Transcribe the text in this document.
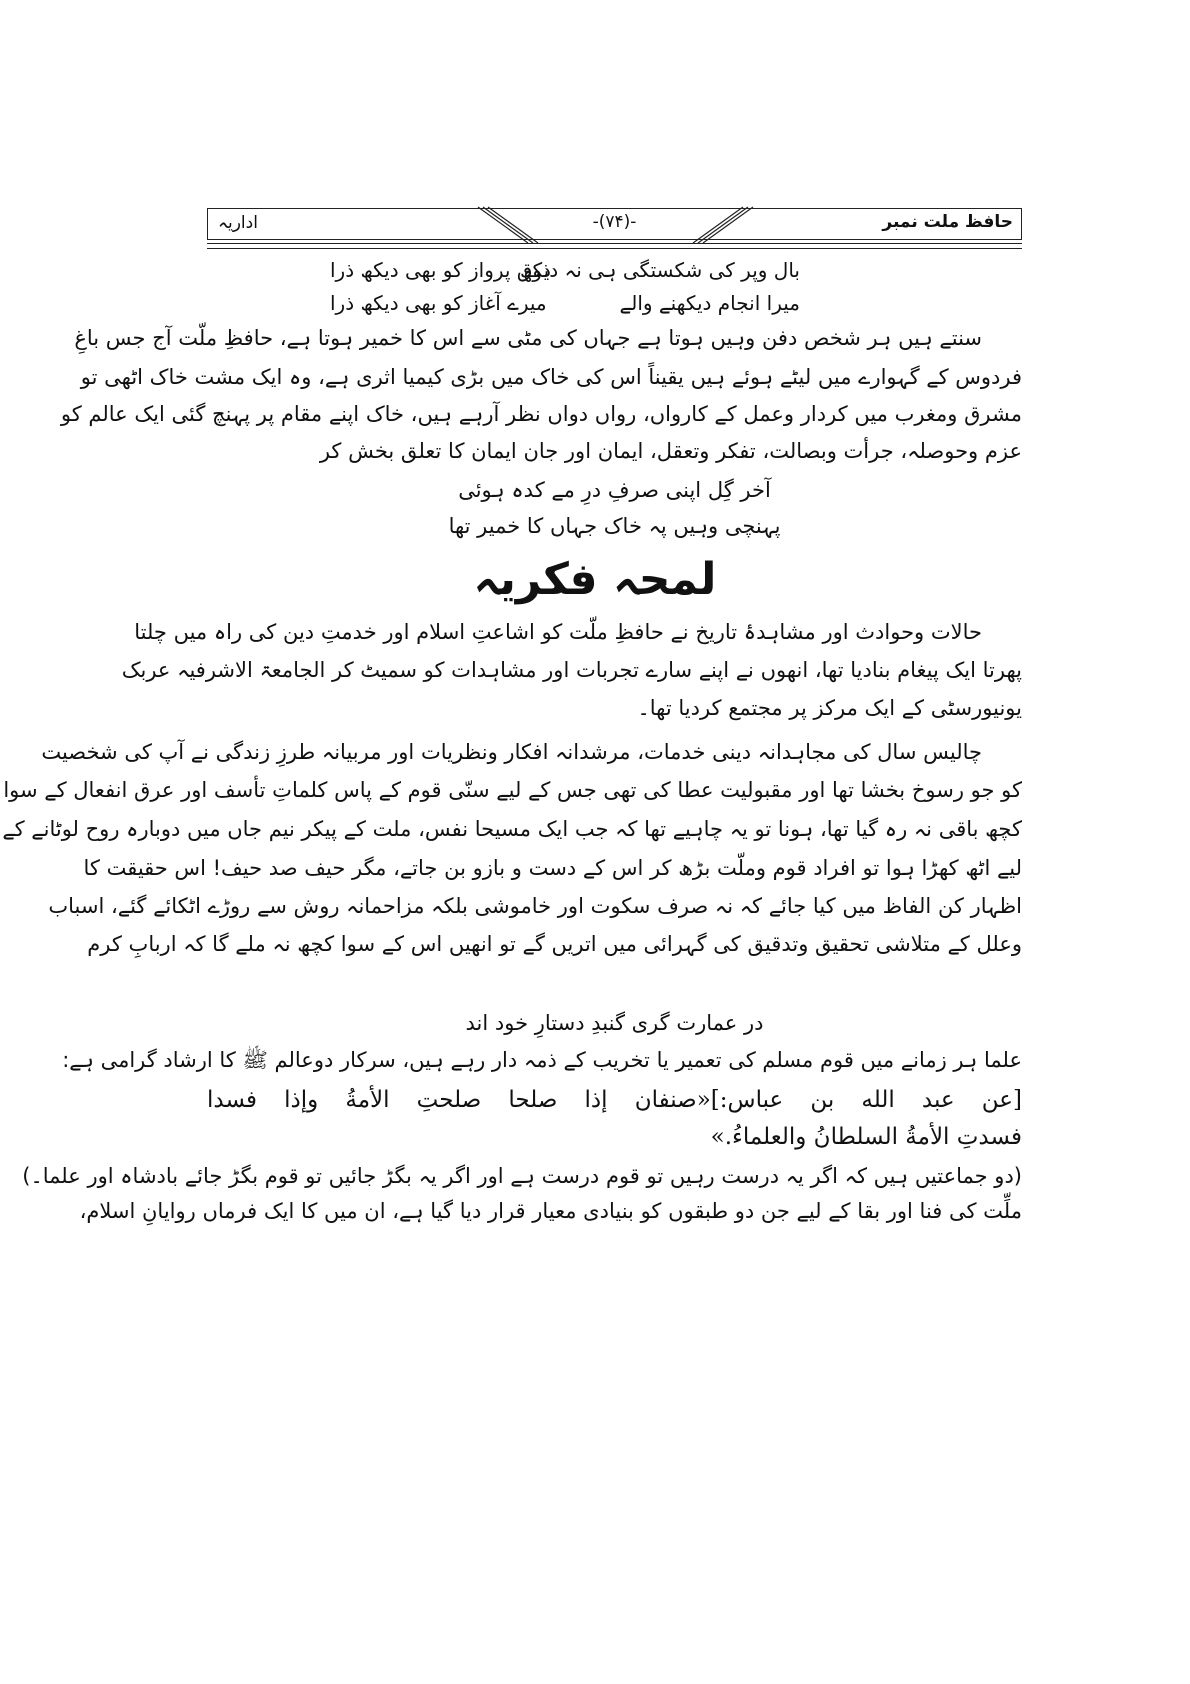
حافظ ملت نمبر
-(۷۴)-
اداریہ
بال وپر کی شکستگی ہی نہ دیکھ
ذوق پرواز کو بھی دیکھ ذرا
میرا انجام دیکھنے والے
میرے آغاز کو بھی دیکھ ذرا
سنتے ہیں ہر شخص دفن وہیں ہوتا ہے جہاں کی مٹی سے اس کا خمیر ہوتا ہے، حافظِ ملّت آج جس باغِ
فردوس کے گہوارے میں لیٹے ہوئے ہیں یقیناً اس کی خاک میں بڑی کیمیا اثری ہے، وہ ایک مشت خاک اٹھی تو
مشرق ومغرب میں کردار وعمل کے کارواں، رواں دواں نظر آرہے ہیں، خاک اپنے مقام پر پہنچ گئی ایک عالم کو
عزم وحوصلہ، جرأت وبصالت، تفکر وتعقل، ایمان اور جان ایمان کا تعلق بخش کر
آخر گِل اپنی صرفِ درِ مے کدہ ہوئی
پہنچی وہیں پہ خاک جہاں کا خمیر تھا
لمحہ فکریہ
حالات وحوادث اور مشاہدۂ تاریخ نے حافظِ ملّت کو اشاعتِ اسلام اور خدمتِ دین کی راہ میں چلتا
پھرتا ایک پیغام بنادیا تھا، انھوں نے اپنے سارے تجربات اور مشاہدات کو سمیٹ کر الجامعۃ الاشرفیہ عربک
یونیورسٹی کے ایک مرکز پر مجتمع کردیا تھا۔
چالیس سال کی مجاہدانہ دینی خدمات، مرشدانہ افکار ونظریات اور مربیانہ طرزِ زندگی نے آپ کی شخصیت
کو جو رسوخ بخشا تھا اور مقبولیت عطا کی تھی جس کے لیے سنّی قوم کے پاس کلماتِ تأسف اور عرق انفعال کے سوا
کچھ باقی نہ رہ گیا تھا، ہونا تو یہ چاہیے تھا کہ جب ایک مسیحا نفس، ملت کے پیکر نیم جاں میں دوبارہ روح لوٹانے کے
لیے اٹھ کھڑا ہوا تو افراد قوم وملّت بڑھ کر اس کے دست و بازو بن جاتے، مگر حیف صد حیف! اس حقیقت کا
اظہار کن الفاظ میں کیا جائے کہ نہ صرف سکوت اور خاموشی بلکہ مزاحمانہ روش سے روڑے اٹکائے گئے، اسباب
وعلل کے متلاشی تحقیق وتدقیق کی گہرائی میں اتریں گے تو انھیں اس کے سوا کچھ نہ ملے گا کہ اربابِ کرم
در عمارت گری گنبدِ دستارِ خود اند
علما ہر زمانے میں قوم مسلم کی تعمیر یا تخریب کے ذمہ دار رہے ہیں، سرکار دوعالم ﷺ کا ارشاد گرامی ہے:
[عن عبد الله بن عباس:]«صنفان إذا صلحا صلحتِ الأمةُ وإذا فسدا
فسدتِ الأمةُ السلطانُ والعلماءُ.»
(دو جماعتیں ہیں کہ اگر یہ درست رہیں تو قوم درست ہے اور اگر یہ بگڑ جائیں تو قوم بگڑ جائے بادشاہ اور علما۔)
ملِّت کی فنا اور بقا کے لیے جن دو طبقوں کو بنیادی معیار قرار دیا گیا ہے، ان میں کا ایک فرماں روایانِ اسلام،
